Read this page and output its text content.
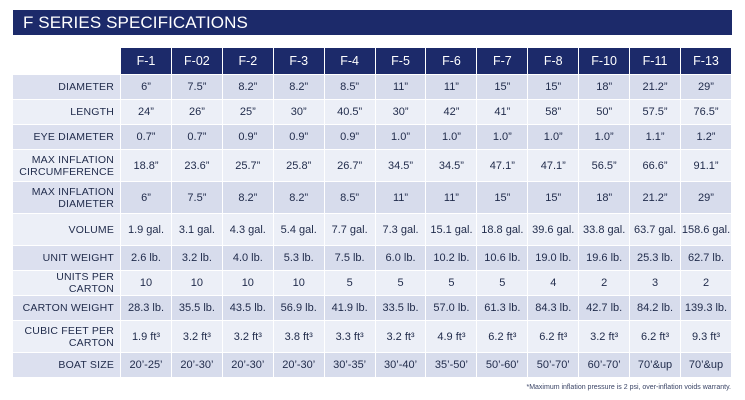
F SERIES SPECIFICATIONS
	F-1	F-02	F-2	F-3	F-4	F-5	F-6	F-7	F-8	F-10	F-11	F-13
DIAMETER	6”	7.5”	8.2”	8.2”	8.5”	11”	11”	15”	15”	18”	21.2”	29”
LENGTH	24”	26”	25”	30”	40.5”	30”	42”	41”	58”	50”	57.5”	76.5”
EYE DIAMETER	0.7”	0.7”	0.9”	0.9”	0.9”	1.0”	1.0”	1.0”	1.0”	1.0”	1.1”	1.2”
MAX INFLATION CIRCUMFERENCE	18.8”	23.6”	25.7”	25.8”	26.7”	34.5”	34.5”	47.1”	47.1”	56.5”	66.6”	91.1”
MAX INFLATION DIAMETER	6”	7.5”	8.2”	8.2”	8.5”	11”	11”	15”	15”	18”	21.2”	29”
VOLUME	1.9 gal.	3.1 gal.	4.3 gal.	5.4 gal.	7.7 gal.	7.3 gal.	15.1 gal.	18.8 gal.	39.6 gal.	33.8 gal.	63.7 gal.	158.6 gal.
UNIT WEIGHT	2.6 lb.	3.2 lb.	4.0 lb.	5.3 lb.	7.5 lb.	6.0 lb.	10.2 lb.	10.6 lb.	19.0 lb.	19.6 lb.	25.3 lb.	62.7 lb.
UNITS PER CARTON	10	10	10	10	5	5	5	5	4	2	3	2
CARTON WEIGHT	28.3 lb.	35.5 lb.	43.5 lb.	56.9 lb.	41.9 lb.	33.5 lb.	57.0 lb.	61.3 lb.	84.3 lb.	42.7 lb.	84.2 lb.	139.3 lb.
CUBIC FEET PER CARTON	1.9 ft³	3.2 ft³	3.2 ft³	3.8 ft³	3.3 ft³	3.2 ft³	4.9 ft³	6.2 ft³	6.2 ft³	3.2 ft³	6.2 ft³	9.3 ft³
BOAT SIZE	20’-25’	20’-30’	20’-30’	20’-30’	30’-35’	30’-40’	35’-50’	50’-60’	50’-70’	60’-70’	70’&up	70’&up
*Maximum inflation pressure is 2 psi, over-inflation voids warranty.
